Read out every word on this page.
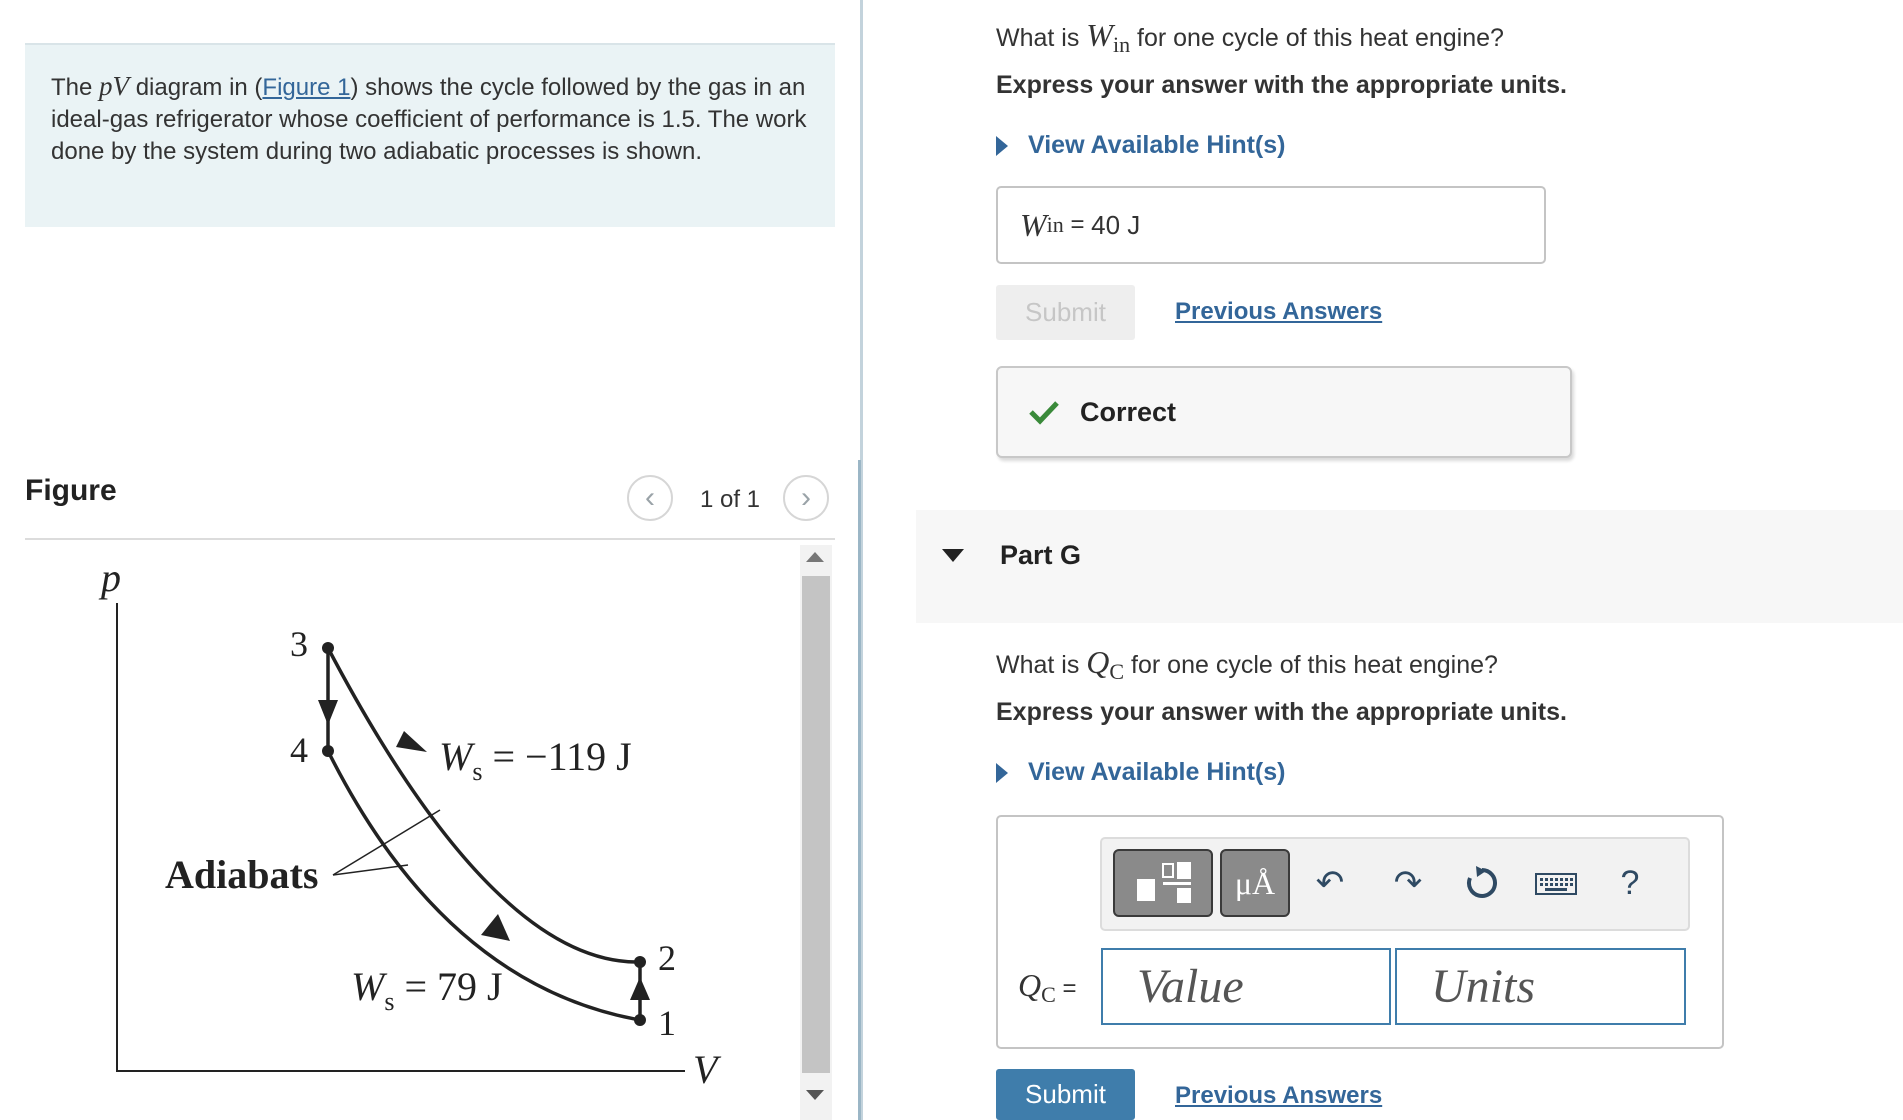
The pV diagram in (Figure 1) shows the cycle followed by the gas in an ideal-gas refrigerator whose coefficient of performance is 1.5. The work done by the system during two adiabatic processes is shown.
Figure	‹	1 of 1	›
p
V
3
4
2
1
$W_s = -119$ J
$W_s = 79$ J
Adiabats
What is $W_{in}$ for one cycle of this heat engine?
Express your answer with the appropriate units.
View Available Hint(s)
W in = 40 J
Submit	Previous Answers
Correct
Part G
What is $Q_C$ for one cycle of this heat engine?
Express your answer with the appropriate units.
View Available Hint(s)
μÅ	↶ ↷	?
$Q_C$ =
Value
Units
Submit	Previous Answers
